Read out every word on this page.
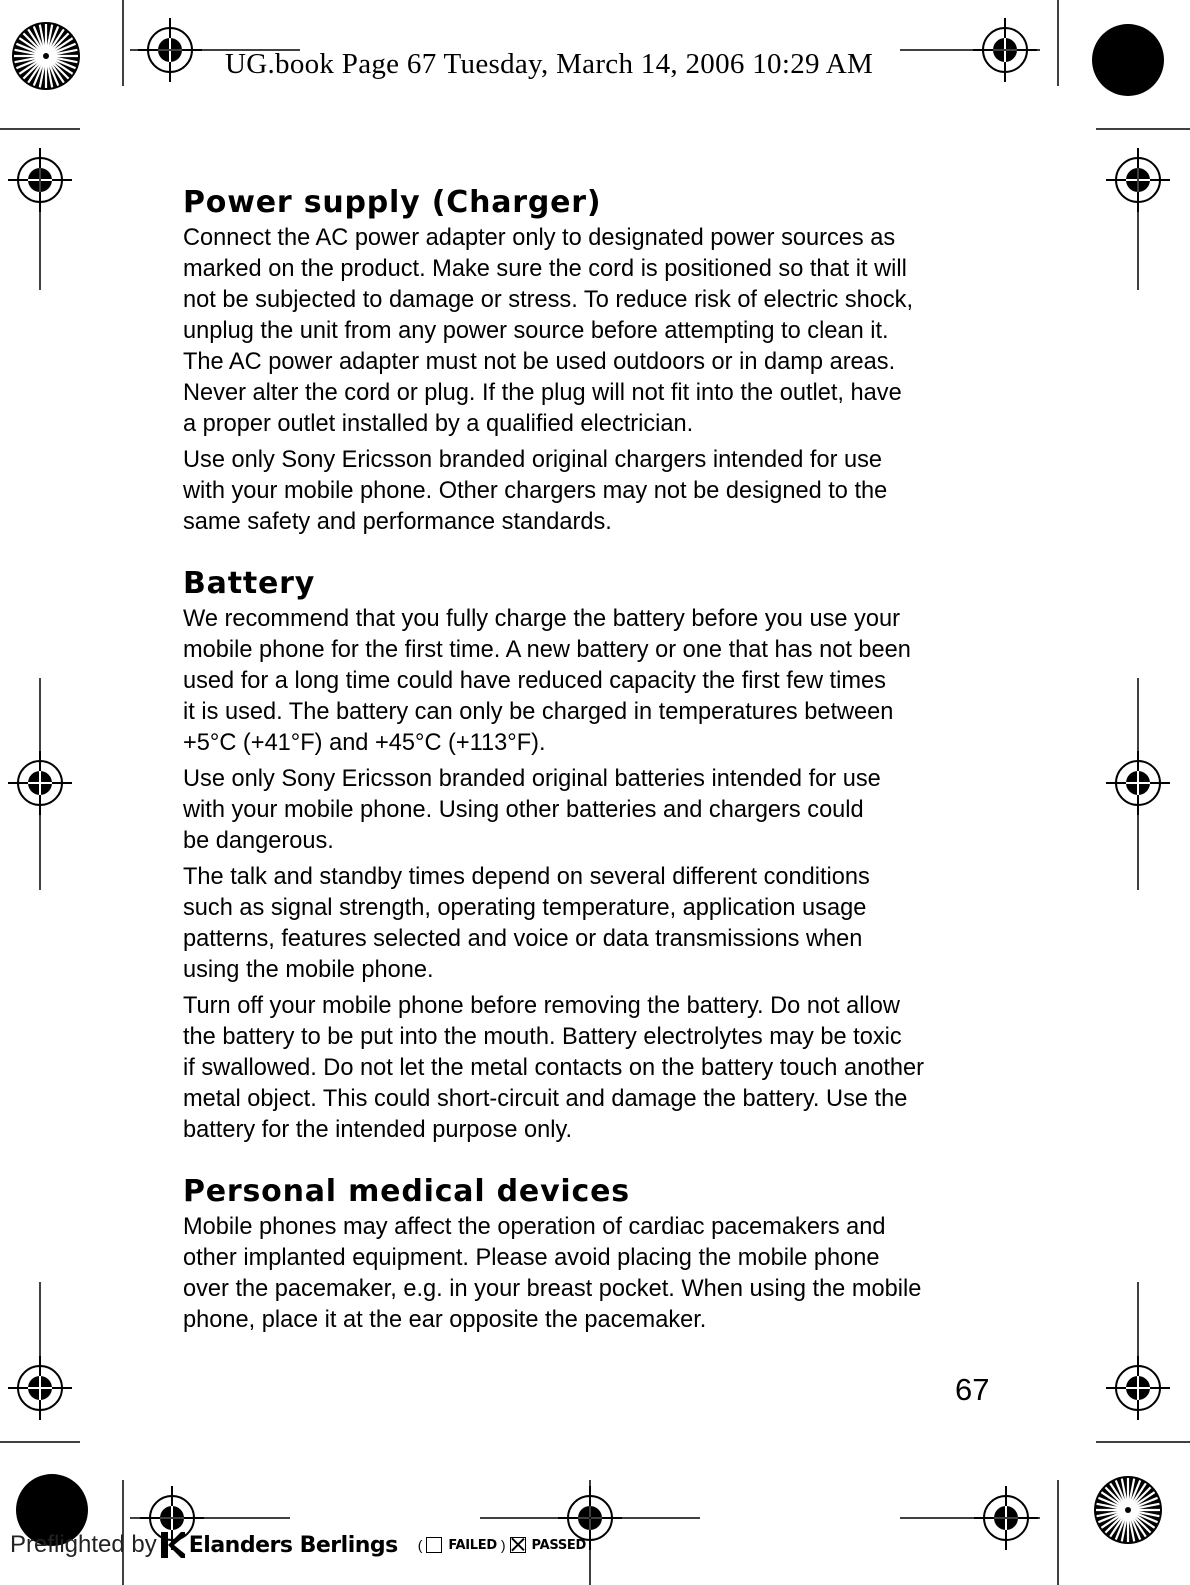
UG.book Page 67 Tuesday, March 14, 2006 10:29 AM
Power supply (Charger)

Connect the AC power adapter only to designated power sources as
marked on the product. Make sure the cord is positioned so that it will
not be subjected to damage or stress. To reduce risk of electric shock,
unplug the unit from any power source before attempting to clean it.
The AC power adapter must not be used outdoors or in damp areas.
Never alter the cord or plug. If the plug will not fit into the outlet, have
a proper outlet installed by a qualified electrician.

Use only Sony Ericsson branded original chargers intended for use
with your mobile phone. Other chargers may not be designed to the
same safety and performance standards.

Battery

We recommend that you fully charge the battery before you use your
mobile phone for the first time. A new battery or one that has not been
used for a long time could have reduced capacity the first few times
it is used. The battery can only be charged in temperatures between
+5°C (+41°F) and +45°C (+113°F).

Use only Sony Ericsson branded original batteries intended for use
with your mobile phone. Using other batteries and chargers could
be dangerous.

The talk and standby times depend on several different conditions
such as signal strength, operating temperature, application usage
patterns, features selected and voice or data transmissions when
using the mobile phone.

Turn off your mobile phone before removing the battery. Do not allow
the battery to be put into the mouth. Battery electrolytes may be toxic
if swallowed. Do not let the metal contacts on the battery touch another
metal object. This could short-circuit and damage the battery. Use the
battery for the intended purpose only.

Personal medical devices

Mobile phones may affect the operation of cardiac pacemakers and
other implanted equipment. Please avoid placing the mobile phone
over the pacemaker, e.g. in your breast pocket. When using the mobile
phone, place it at the ear opposite the pacemaker.

67
Preflighted by Elanders Berlings ( FAILED ) PASSED
